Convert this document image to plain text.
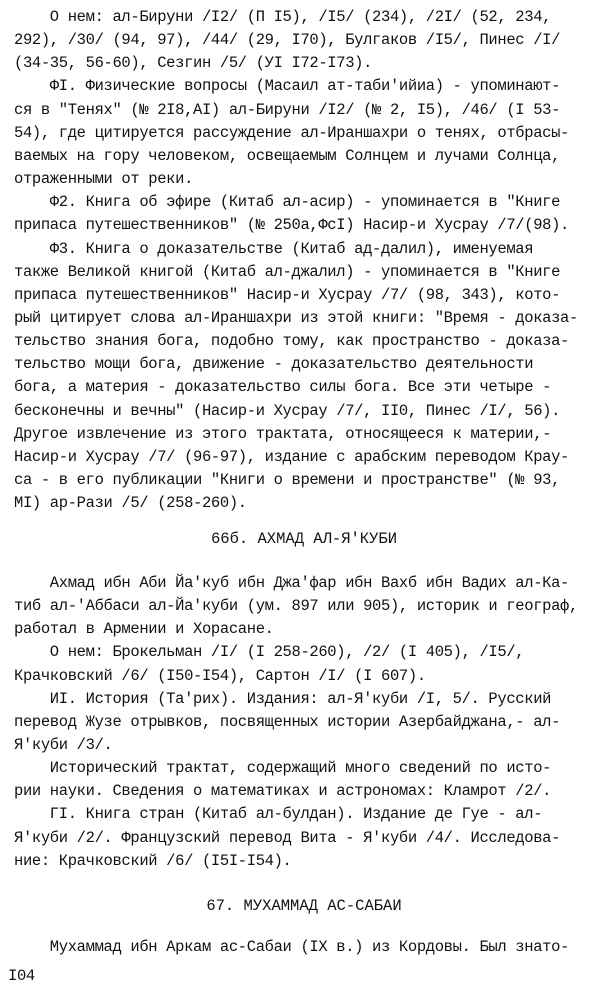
О нем: ал-Бируни /I2/ (П I5), /I5/ (234), /2I/ (52, 234,
292), /30/ (94, 97), /44/ (29, I70), Булгаков /I5/, Пинес /I/
(34-35, 56-60), Сезгин /5/ (УI I72-I73).
ФI. Физические вопросы (Масаил ат-таби'ийиа) - упоминают-
ся в "Тенях" (№ 2I8,AI) ал-Бируни /I2/ (№ 2, I5), /46/ (I 53-
54), где цитируется рассуждение ал-Ираншахри о тенях, отбрасы-
ваемых на гору человеком, освещаемым Солнцем и лучами Солнца,
отраженными от реки.
Ф2. Книга об эфире (Китаб ал-асир) - упоминается в "Книге
припаса путешественников" (№ 250а,ФсI) Насир-и Хусрау /7/(98).
Ф3. Книга о доказательстве (Китаб ад-далил), именуемая
также Великой книгой (Китаб ал-джалил) - упоминается в "Книге
припаса путешественников" Насир-и Хусрау /7/ (98, 343), кото-
рый цитирует слова ал-Ираншахри из этой книги: "Время - доказа-
тельство знания бога, подобно тому, как пространство - доказа-
тельство мощи бога, движение - доказательство деятельности
бога, а материя - доказательство силы бога. Все эти четыре -
бесконечны и вечны" (Насир-и Хусрау /7/, II0, Пинес /I/, 56).
Другое извлечение из этого трактата, относящееся к материи,-
Насир-и Хусрау /7/ (96-97), издание с арабским переводом Крау-
са - в его публикации "Книги о времени и пространстве" (№ 93,
МI) ар-Рази /5/ (258-260).
66б. АХМАД АЛ-Я'КУБИ
Ахмад ибн Аби Йа'куб ибн Джа'фар ибн Вахб ибн Вадих ал-Ка-
тиб ал-'Аббаси ал-Йа'куби (ум. 897 или 905), историк и географ,
работал в Армении и Хорасане.
О нем: Брокельман /I/ (I 258-260), /2/ (I 405), /I5/,
Крачковский /6/ (I50-I54), Сартон /I/ (I 607).
ИI. История (Та'рих). Издания: ал-Я'куби /I, 5/. Русский
перевод Жузе отрывков, посвященных истории Азербайджана,- ал-
Я'куби /3/.
Исторический трактат, содержащий много сведений по исто-
рии науки. Сведения о математиках и астрономах: Кламрот /2/.
ГI. Книга стран (Китаб ал-булдан). Издание де Гуе - ал-
Я'куби /2/. Французский перевод Вита - Я'куби /4/. Исследова-
ние: Крачковский /6/ (I5I-I54).
67. МУХАММАД АС-САБАИ
Мухаммад ибн Аркам ас-Сабаи (IX в.) из Кордовы. Был знато-
I04
